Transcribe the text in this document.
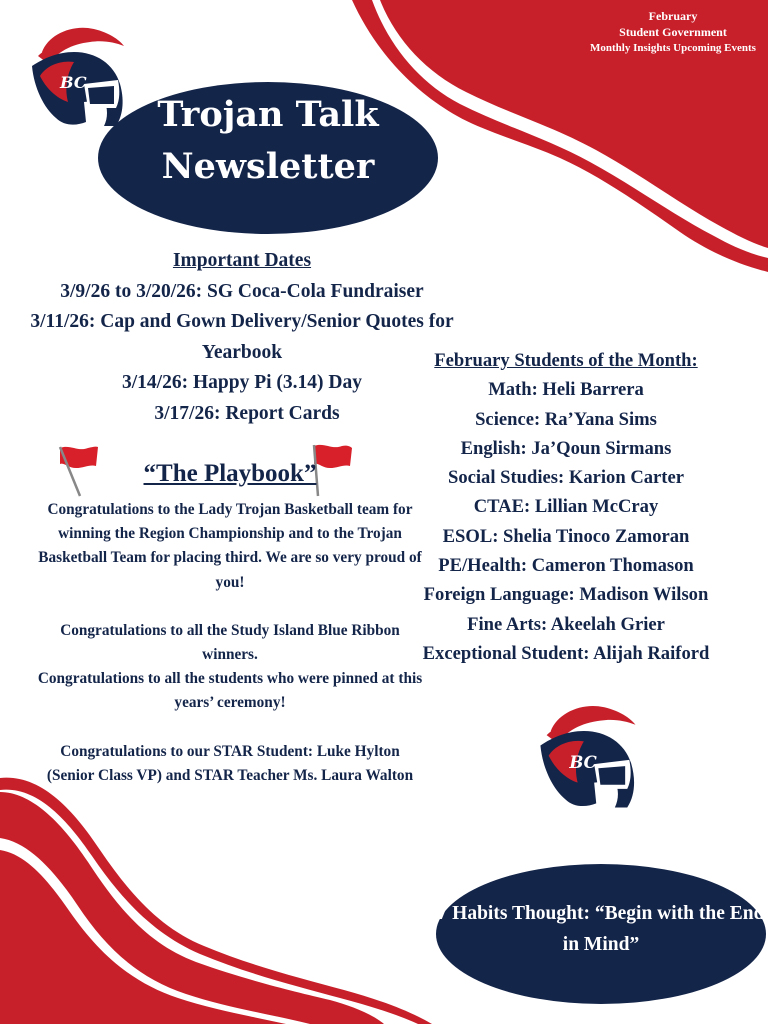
February
Student Government
Monthly Insights Upcoming Events
BC
Trojan Talk
Newsletter
Important Dates
3/9/26 to 3/20/26: SG Coca-Cola Fundraiser
3/11/26: Cap and Gown Delivery/Senior Quotes for Yearbook
3/14/26: Happy Pi (3.14) Day
3/17/26: Report Cards
“The Playbook”

Congratulations to the Lady Trojan Basketball team for winning the Region Championship and to the Trojan Basketball Team for placing third. We are so very proud of you!

Congratulations to all the Study Island Blue Ribbon winners.

Congratulations to all the students who were pinned at this years’ ceremony!

Congratulations to our STAR Student: Luke Hylton (Senior Class VP) and STAR Teacher Ms. Laura Walton

February Students of the Month:
Math: Heli Barrera
Science: Ra’Yana Sims
English: Ja’Qoun Sirmans
Social Studies: Karion Carter
CTAE: Lillian McCray
ESOL: Shelia Tinoco Zamoran
PE/Health: Cameron Thomason
Foreign Language: Madison Wilson
Fine Arts: Akeelah Grier
Exceptional Student: Alijah Raiford
BC
7 Habits Thought: “Begin with the End in Mind”
